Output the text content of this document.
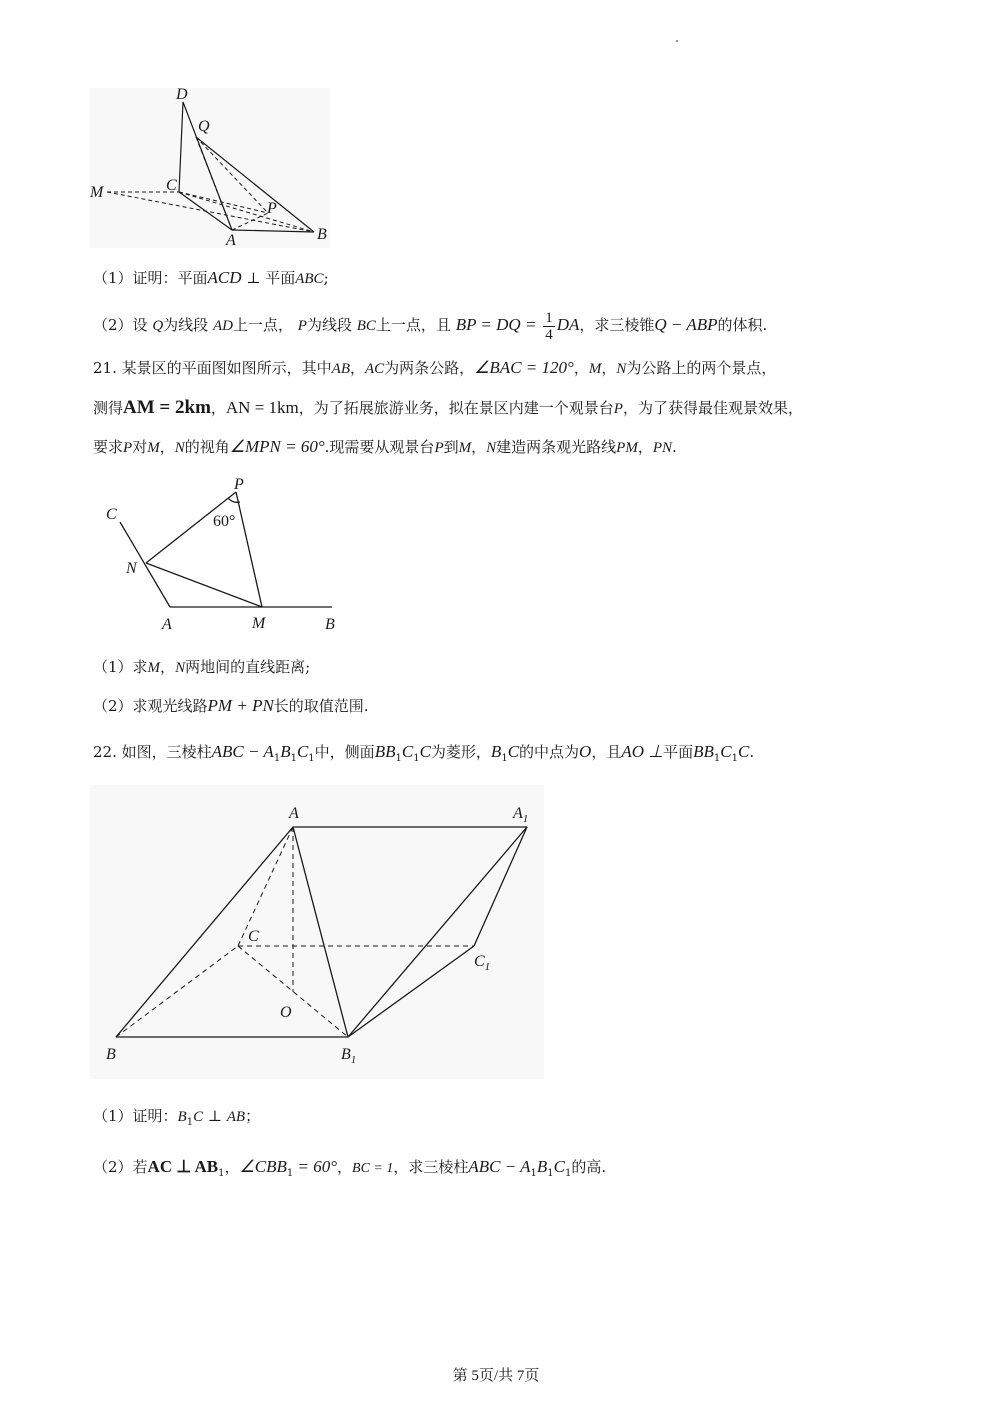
D
Q
C
M
P
A	B
（1）证明：平面ACD ⊥ 平面ABC;
（2）设 Q为线段 AD上一点， P为线段 BC上一点，且 BP = DQ = $\frac{1}{4}$ DA，求三棱锥Q − ABP的体积.
21. 某景区的平面图如图所示，其中AB，AC为两条公路，∠BAC = 120°，M，N为公路上的两个景点，
测得AM = 2km，AN = 1km，为了拓展旅游业务，拟在景区内建一个观景台P，为了获得最佳观景效果，
要求P对M，N的视角∠MPN = 60°.现需要从观景台P到M，N建造两条观光路线PM，PN.
P
60°
C
N
A	M	B
（1）求M，N两地间的直线距离;
（2）求观光线路PM + PN长的取值范围.
22. 如图，三棱柱ABC − $A_1B_1C_1$中，侧面$BB_1C_1C$为菱形，$B_1C$的中点为O，且AO ⊥平面$BB_1C_1C$.
A	$A_1$
C
$C_1$
O
B	$B_1$
（1）证明：$B_1C$ ⊥ AB；
（2）若AC ⊥ $AB_1$，$\angle CBB_1 = 60^\circ$，BC = 1，求三棱柱ABC − $A_1B_1C_1$的高.
第 5页/共 7页
